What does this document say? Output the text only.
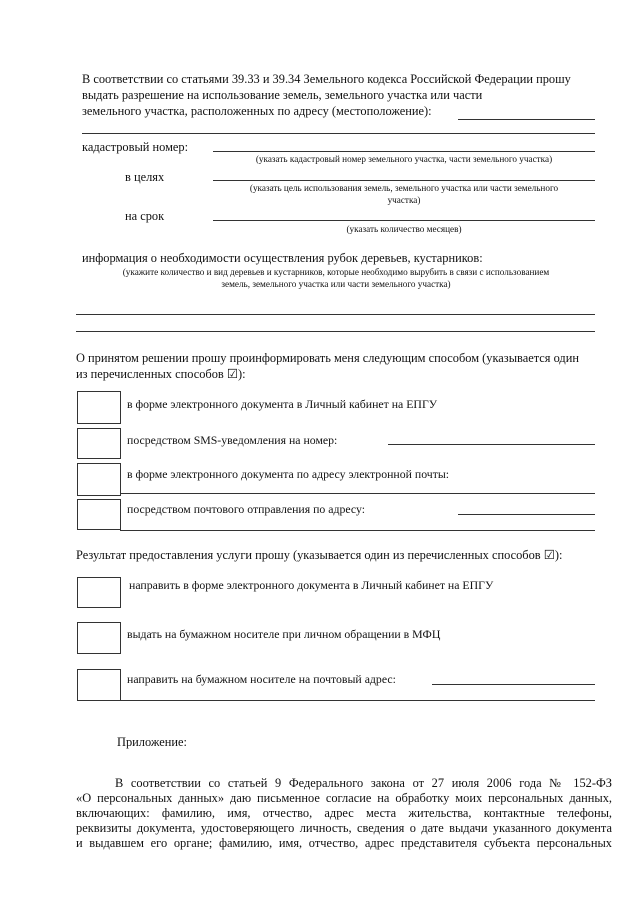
В соответствии со статьями 39.33 и 39.34 Земельного кодекса Российской Федерации прошу
выдать разрешение на использование земель, земельного участка или части
земельного участка, расположенных по адресу (местоположение):
кадастровый номер:
(указать кадастровый номер земельного участка, части земельного участка)
в целях
(указать цель использования земель, земельного участка или части земельного
участка)
на срок
(указать количество месяцев)
информация о необходимости осуществления рубок деревьев, кустарников:
(укажите количество и вид деревьев и кустарников, которые необходимо вырубить в связи с использованием
земель, земельного участка или части земельного участка)
О принятом решении прошу проинформировать меня следующим способом (указывается один
из перечисленных способов ☑):
в форме электронного документа в Личный кабинет на ЕПГУ
посредством SMS-уведомления на номер:
в форме электронного документа по адресу электронной почты:
посредством почтового отправления по адресу:
Результат предоставления услуги прошу (указывается один из перечисленных способов ☑):
направить в форме электронного документа в Личный кабинет на ЕПГУ
выдать на бумажном носителе при личном обращении в МФЦ
направить на бумажном носителе на почтовый адрес:
Приложение:
В соответствии со статьей 9 Федерального закона от 27 июля 2006 года № 152-ФЗ
«О персональных данных» даю письменное согласие на обработку моих персональных данных,
включающих: фамилию, имя, отчество, адрес места жительства, контактные телефоны,
реквизиты документа, удостоверяющего личность, сведения о дате выдачи указанного документа
и выдавшем его органе; фамилию, имя, отчество, адрес представителя субъекта персональных
